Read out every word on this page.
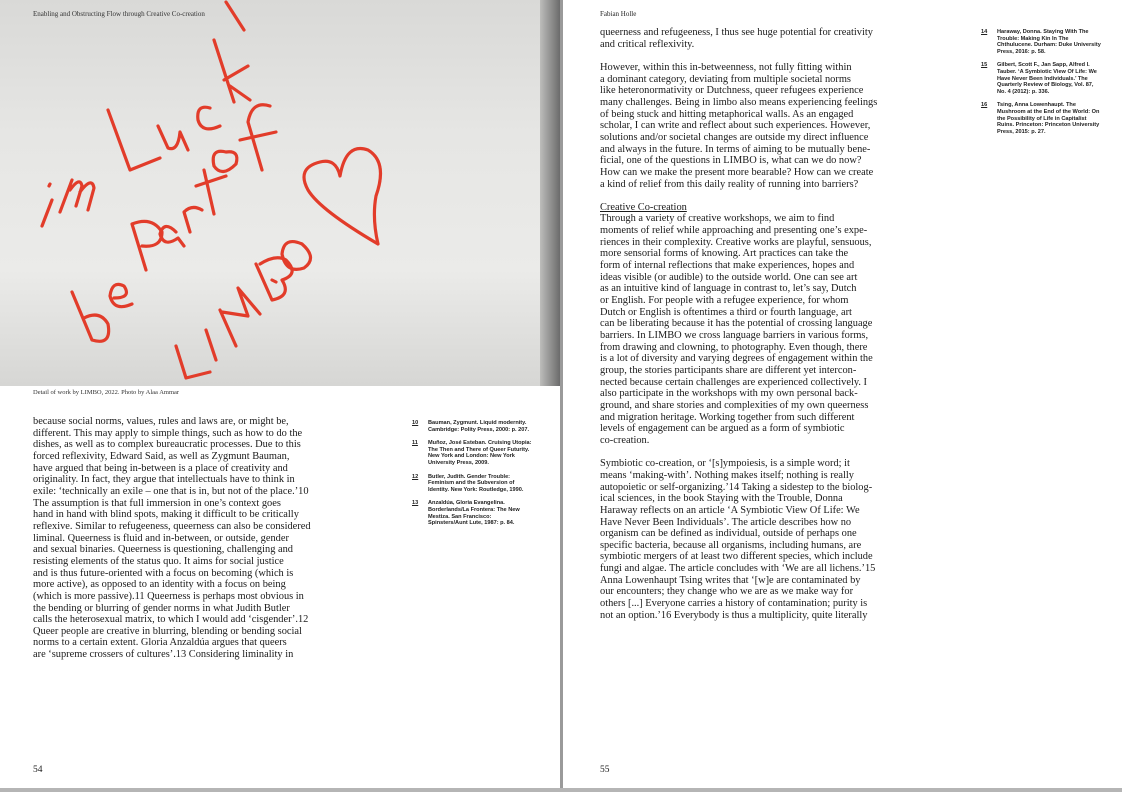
Enabling and Obstructing Flow through Creative Co-creation
Detail of work by LIMBO, 2022. Photo by Alaa Ammar
because social norms, values, rules and laws are, or might be,
different. This may apply to simple things, such as how to do the
dishes, as well as to complex bureaucratic processes. Due to this
forced reflexivity, Edward Said, as well as Zygmunt Bauman,
have argued that being in-between is a place of creativity and
originality. In fact, they argue that intellectuals have to think in
exile: ‘technically an exile – one that is in, but not of the place.’10
The assumption is that full immersion in one’s context goes
hand in hand with blind spots, making it difficult to be critically
reflexive. Similar to refugeeness, queerness can also be considered
liminal. Queerness is fluid and in-between, or outside, gender
and sexual binaries. Queerness is questioning, challenging and
resisting elements of the status quo. It aims for social justice
and is thus future-oriented with a focus on becoming (which is
more active), as opposed to an identity with a focus on being
(which is more passive).11 Queerness is perhaps most obvious in
the bending or blurring of gender norms in what Judith Butler
calls the heterosexual matrix, to which I would add ‘cisgender’.12
Queer people are creative in blurring, blending or bending social
norms to a certain extent. Gloria Anzaldúa argues that queers
are ‘supreme crossers of cultures’.13 Considering liminality in

10 Bauman, Zygmunt. Liquid modernity. Cambridge: Polity Press, 2000: p. 207.
11 Muñoz, José Esteban. Cruising Utopia: The Then and There of Queer Futurity. New York and London: New York University Press, 2009.
12 Butler, Judith. Gender Trouble: Feminism and the Subversion of Identity. New York: Routledge, 1990.
13 Anzaldúa, Gloria Evangelina. Borderlands/La Frontera: The New Mestiza. San Francisco: Spinsters/Aunt Lute, 1987: p. 84.
54
Fabian Holle

queerness and refugeeness, I thus see huge potential for creativity
and critical reflexivity.

However, within this in-betweenness, not fully fitting within
a dominant category, deviating from multiple societal norms
like heteronormativity or Dutchness, queer refugees experience
many challenges. Being in limbo also means experiencing feelings
of being stuck and hitting metaphorical walls. As an engaged
scholar, I can write and reflect about such experiences. However,
solutions and/or societal changes are outside my direct influence
and always in the future. In terms of aiming to be mutually bene-
ficial, one of the questions in LIMBO is, what can we do now?
How can we make the present more bearable? How can we create
a kind of relief from this daily reality of running into barriers?

Creative Co-creation

Through a variety of creative workshops, we aim to find
moments of relief while approaching and presenting one’s expe-
riences in their complexity. Creative works are playful, sensuous,
more sensorial forms of knowing. Art practices can take the
form of internal reflections that make experiences, hopes and
ideas visible (or audible) to the outside world. One can see art
as an intuitive kind of language in contrast to, let’s say, Dutch
or English. For people with a refugee experience, for whom
Dutch or English is oftentimes a third or fourth language, art
can be liberating because it has the potential of crossing language
barriers. In LIMBO we cross language barriers in various forms,
from drawing and clowning, to photography. Even though, there
is a lot of diversity and varying degrees of engagement within the
group, the stories participants share are different yet intercon-
nected because certain challenges are experienced collectively. I
also participate in the workshops with my own personal back-
ground, and share stories and complexities of my own queerness
and migration heritage. Working together from such different
levels of engagement can be argued as a form of symbiotic
co-creation.

Symbiotic co-creation, or ‘[s]ympoiesis, is a simple word; it
means ‘making-with’. Nothing makes itself; nothing is really
autopoietic or self-organizing.’14 Taking a sidestep to the biolog-
ical sciences, in the book Staying with the Trouble, Donna
Haraway reflects on an article ‘A Symbiotic View Of Life: We
Have Never Been Individuals’. The article describes how no
organism can be defined as individual, outside of perhaps one
specific bacteria, because all organisms, including humans, are
symbiotic mergers of at least two different species, which include
fungi and algae. The article concludes with ‘We are all lichens.’15
Anna Lowenhaupt Tsing writes that ‘[w]e are contaminated by
our encounters; they change who we are as we make way for
others [...] Everyone carries a history of contamination; purity is
not an option.’16 Everybody is thus a multiplicity, quite literally

14 Haraway, Donna. Staying With The Trouble: Making Kin In The Chthulucene. Durham: Duke University Press, 2016: p. 58.
15 Gilbert, Scott F., Jan Sapp, Alfred I. Tauber. ‘A Symbiotic View Of Life: We Have Never Been Individuals.’ The Quarterly Review of Biology, Vol. 87, No. 4 (2012): p. 336.
16 Tsing, Anna Lowenhaupt. The Mushroom at the End of the World: On the Possibility of Life in Capitalist Ruins. Princeton: Princeton University Press, 2015: p. 27.
55
